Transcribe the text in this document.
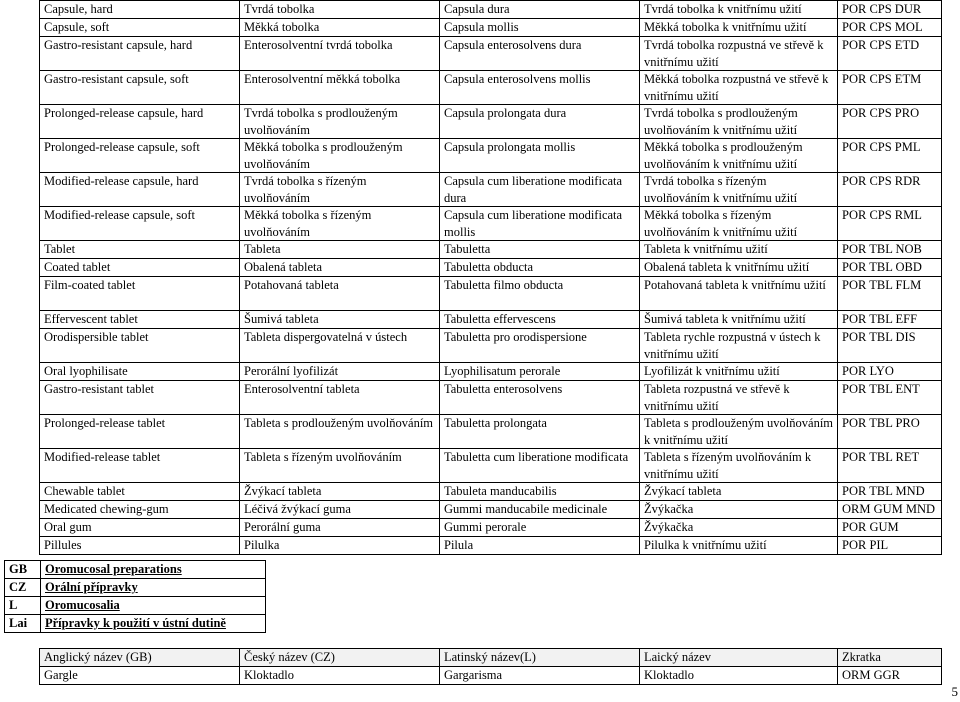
Capsule, hard	Tvrdá tobolka	Capsula dura	Tvrdá tobolka k vnitřnímu užití	POR CPS DUR
Capsule, soft	Měkká tobolka	Capsula mollis	Měkká tobolka k vnitřnímu užití	POR CPS MOL
Gastro-resistant capsule, hard	Enterosolventní tvrdá tobolka	Capsula enterosolvens dura	Tvrdá tobolka rozpustná ve střevě k vnitřnímu užití	POR CPS ETD
Gastro-resistant capsule, soft	Enterosolventní měkká tobolka	Capsula enterosolvens mollis	Měkká tobolka rozpustná ve střevě k vnitřnímu užití	POR CPS ETM
Prolonged-release capsule, hard	Tvrdá tobolka s prodlouženým uvolňováním	Capsula prolongata dura	Tvrdá tobolka s prodlouženým uvolňováním k vnitřnímu užití	POR CPS PRO
Prolonged-release capsule, soft	Měkká tobolka s prodlouženým uvolňováním	Capsula prolongata mollis	Měkká tobolka s prodlouženým uvolňováním k vnitřnímu užití	POR CPS PML
Modified-release capsule, hard	Tvrdá tobolka s řízeným uvolňováním	Capsula cum liberatione modificata dura	Tvrdá tobolka s řízeným uvolňováním k vnitřnímu užití	POR CPS RDR
Modified-release capsule, soft	Měkká tobolka s řízeným uvolňováním	Capsula cum liberatione modificata mollis	Měkká tobolka s řízeným uvolňováním k vnitřnímu užití	POR CPS RML
Tablet	Tableta	Tabuletta	Tableta k vnitřnímu užití	POR TBL NOB
Coated tablet	Obalená tableta	Tabuletta obducta	Obalená tableta k vnitřnímu užití	POR TBL OBD
Film-coated tablet	Potahovaná tableta	Tabuletta filmo obducta	Potahovaná tableta k vnitřnímu užití	POR TBL FLM
Effervescent tablet	Šumivá tableta	Tabuletta effervescens	Šumivá tableta k vnitřnímu užití	POR TBL EFF
Orodispersible tablet	Tableta dispergovatelná v ústech	Tabuletta pro orodispersione	Tableta rychle rozpustná v ústech k vnitřnímu užití	POR TBL DIS
Oral lyophilisate	Perorální lyofilizát	Lyophilisatum perorale	Lyofilizát k vnitřnímu užití	POR LYO
Gastro-resistant tablet	Enterosolventní tableta	Tabuletta enterosolvens	Tableta rozpustná ve střevě k vnitřnímu užití	POR TBL ENT
Prolonged-release tablet	Tableta s prodlouženým uvolňováním	Tabuletta prolongata	Tableta s prodlouženým uvolňováním k vnitřnímu užití	POR TBL PRO
Modified-release tablet	Tableta s řízeným uvolňováním	Tabuletta cum liberatione modificata	Tableta s řízeným uvolňováním k vnitřnímu užití	POR TBL RET
Chewable tablet	Žvýkací tableta	Tabuleta manducabilis	Žvýkací tableta	POR TBL MND
Medicated chewing-gum	Léčivá žvýkací guma	Gummi manducabile medicinale	Žvýkačka	ORM GUM MND
Oral gum	Perorální guma	Gummi perorale	Žvýkačka	POR GUM
Pillules	Pilulka	Pilula	Pilulka k vnitřnímu užití	POR PIL
GB	Oromucosal preparations
CZ	Orální přípravky
L	Oromucosalia
Lai	Přípravky k použití v ústní dutině
Anglický název (GB)	Český název (CZ)	Latinský název(L)	Laický název	Zkratka
Gargle	Kloktadlo	Gargarisma	Kloktadlo	ORM GGR
5
